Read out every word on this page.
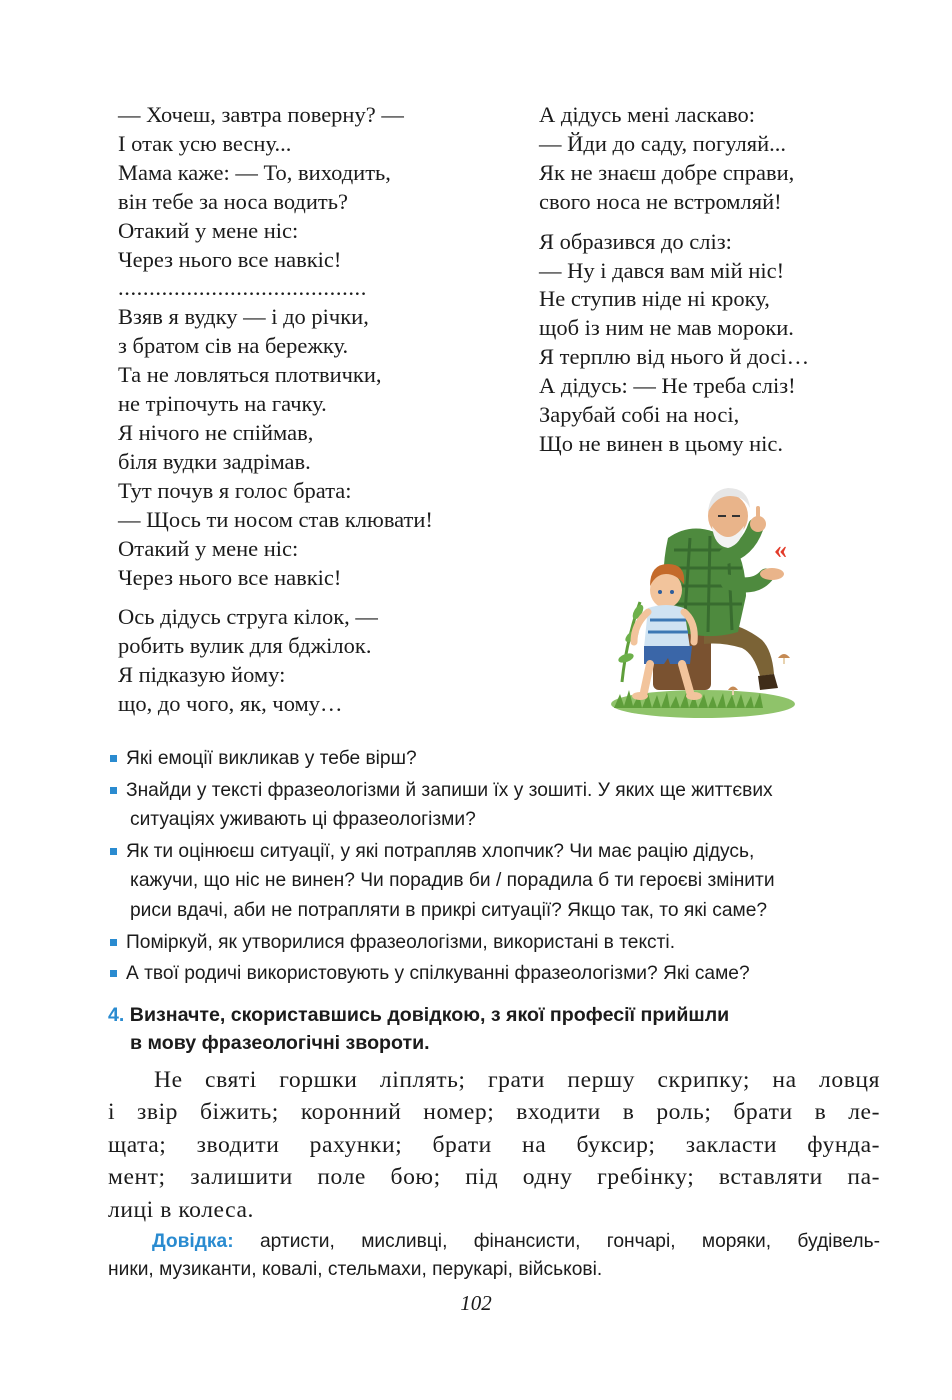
— Хочеш, завтра поверну? —
І отак усю весну...
Мама каже: — То, виходить,
він тебе за носа водить?
Отакий у мене ніс:
Через нього все навкіс!
........................................
Взяв я вудку — і до річки,
з братом сів на бережку.
Та не ловляться плотвички,
не тріпочуть на гачку.
Я нічого не спіймав,
біля вудки задрімав.
Тут почув я голос брата:
— Щось ти носом став клювати!
Отакий у мене ніс:
Через нього все навкіс!
Ось дідусь струга кілок, —
робить вулик для бджілок.
Я підказую йому:
що, до чого, як, чому…
А дідусь мені ласкаво:
— Йди до саду, погуляй...
Як не знаєш добре справи,
свого носа не встромляй!
Я образився до сліз:
— Ну і дався вам мій ніс!
Не ступив ніде ні кроку,
щоб із ним не мав мороки.
Я терплю від нього й досі…
А дідусь: — Не треба сліз!
Зарубай собі на носі,
Що не винен в цьому ніс.
«
Які емоції викликав у тебе вірш?
Знайди у тексті фразеологізми й запиши їх у зошиті. У яких ще життєвих
ситуаціях уживають ці фразеологізми?
Як ти оцінюєш ситуації, у які потрапляв хлопчик? Чи має рацію дідусь,
кажучи, що ніс не винен? Чи порадив би / порадила б ти героєві змінити
риси вдачі, аби не потрапляти в прикрі ситуації? Якщо так, то які саме?
Поміркуй, як утворилися фразеологізми, використані в тексті.
А твої родичі використовують у спілкуванні фразеологізми? Які саме?
4. Визначте, скориставшись довідкою, з якої професії прийшли
в мову фразеологічні звороти.
Не святі горшки ліплять; грати першу скрипку; на ловця
і звір біжить; коронний номер; входити в роль; брати в ле-
щата; зводити рахунки; брати на буксир; закласти фунда-
мент; залишити поле бою; під одну гребінку; вставляти па-
лиці в колеса.
Довідка: артисти, мисливці, фінансисти, гончарі, моряки, будівель-
ники, музиканти, ковалі, стельмахи, перукарі, військові.
102
